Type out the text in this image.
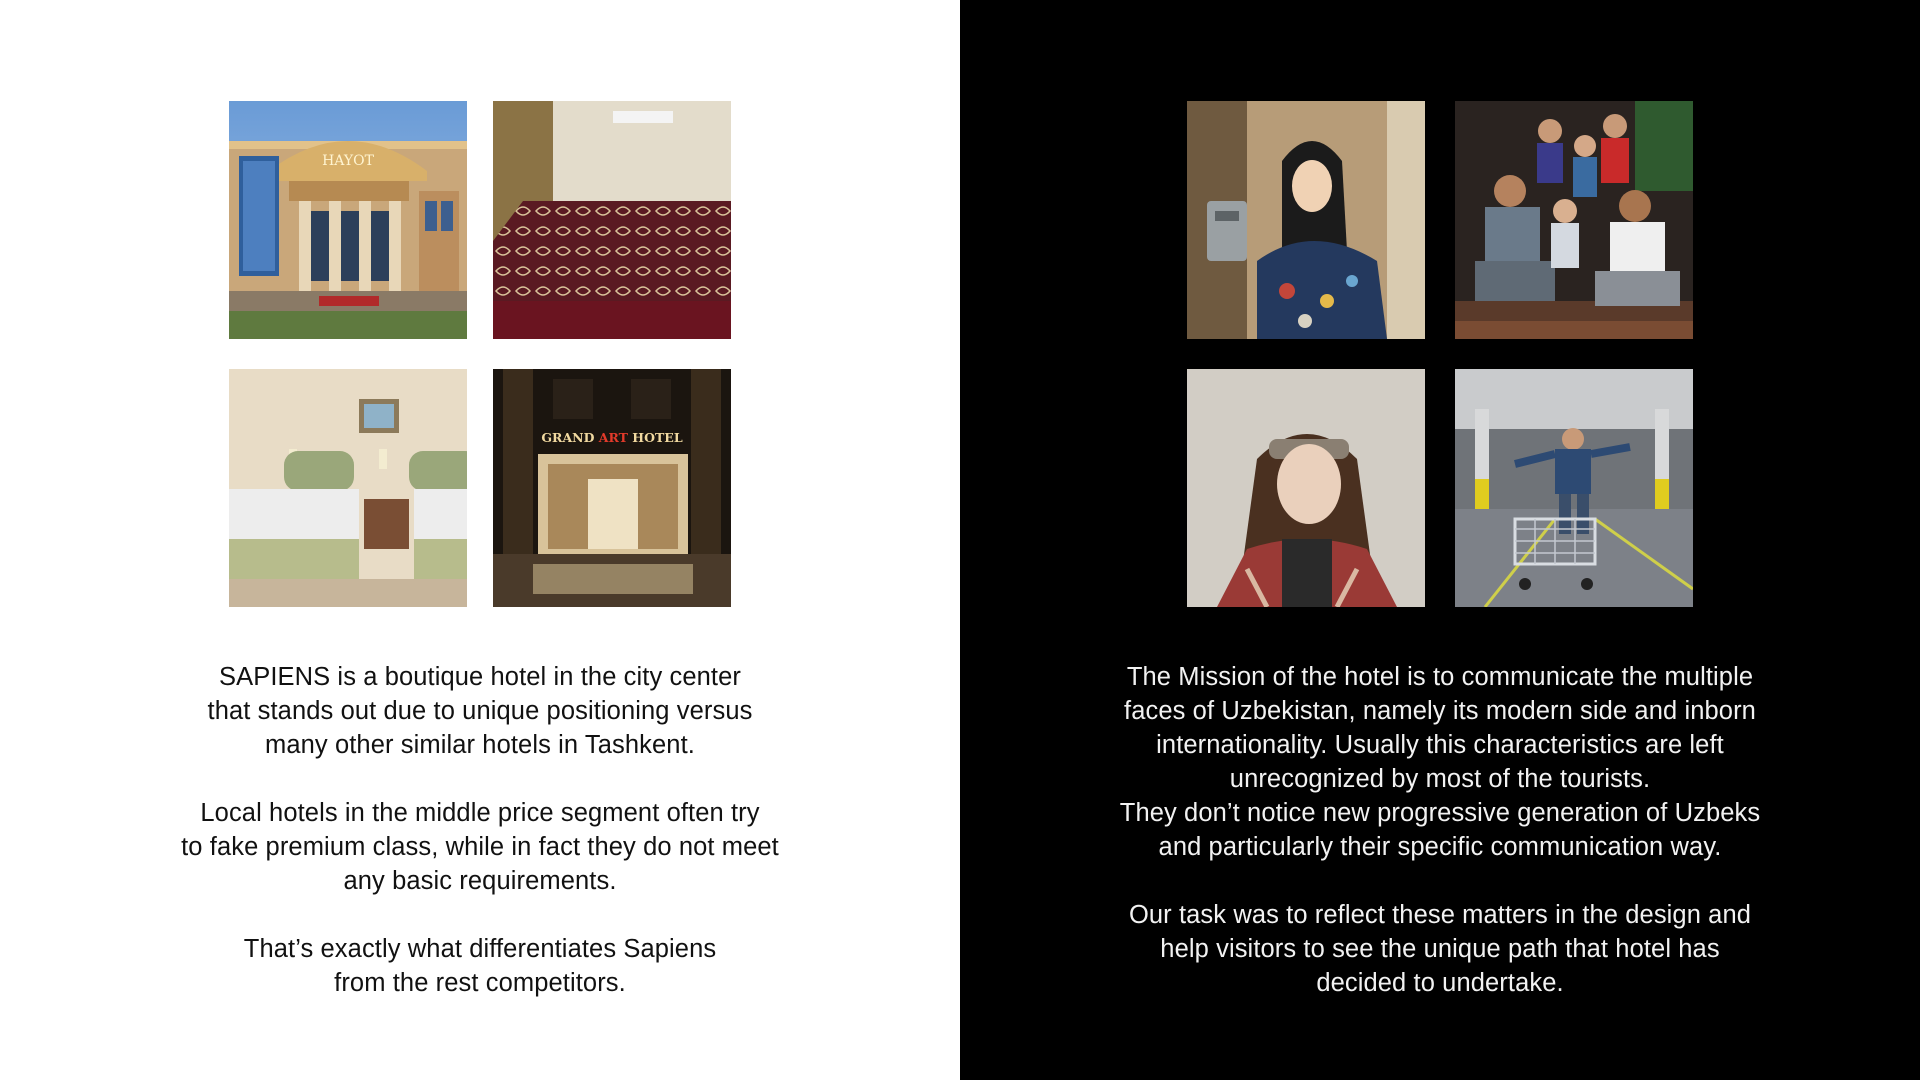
HAYOT
GRAND ART HOTEL
SAPIENS is a boutique hotel in the city center
that stands out due to unique positioning versus
many other similar hotels in Tashkent.
Local hotels in the middle price segment often try
to fake premium class, while in fact they do not meet
any basic requirements.
That’s exactly what differentiates Sapiens
from the rest competitors.
The Mission of the hotel is to communicate the multiple
faces of Uzbekistan, namely its modern side and inborn
internationality. Usually this characteristics are left
unrecognized by most of the tourists.
They don’t notice new progressive generation of Uzbeks
and particularly their specific communication way.
Our task was to reflect these matters in the design and
help visitors to see the unique path that hotel has
decided to undertake.
